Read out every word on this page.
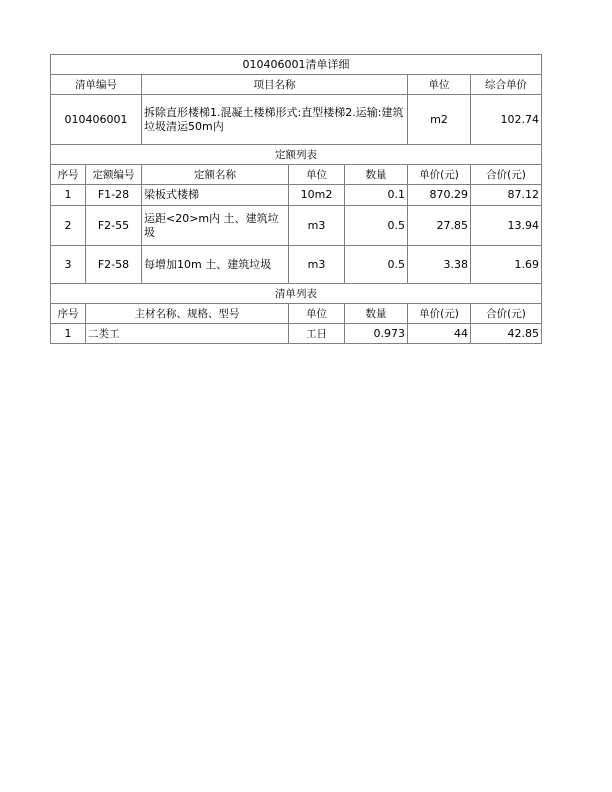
010406001清单详细						
清单编号		项目名称			单位	综合单价
010406001		拆除直形楼梯1.混凝土楼梯形式:直型楼梯2.运输:建筑垃圾清运50m内			m2	102.74
定额列表						
序号	定额编号	定额名称	单位	数量	单价(元)	合价(元)
1	F1-28	梁板式楼梯	10m2	0.1	870.29	87.12
2	F2-55	运距<20>m内 土、建筑垃圾	m3	0.5	27.85	13.94
3	F2-58	每增加10m 土、建筑垃圾	m3	0.5	3.38	1.69
清单列表						
序号	主材名称、规格、型号		单位	数量	单价(元)	合价(元)
1	二类工		工日	0.973	44	42.85
